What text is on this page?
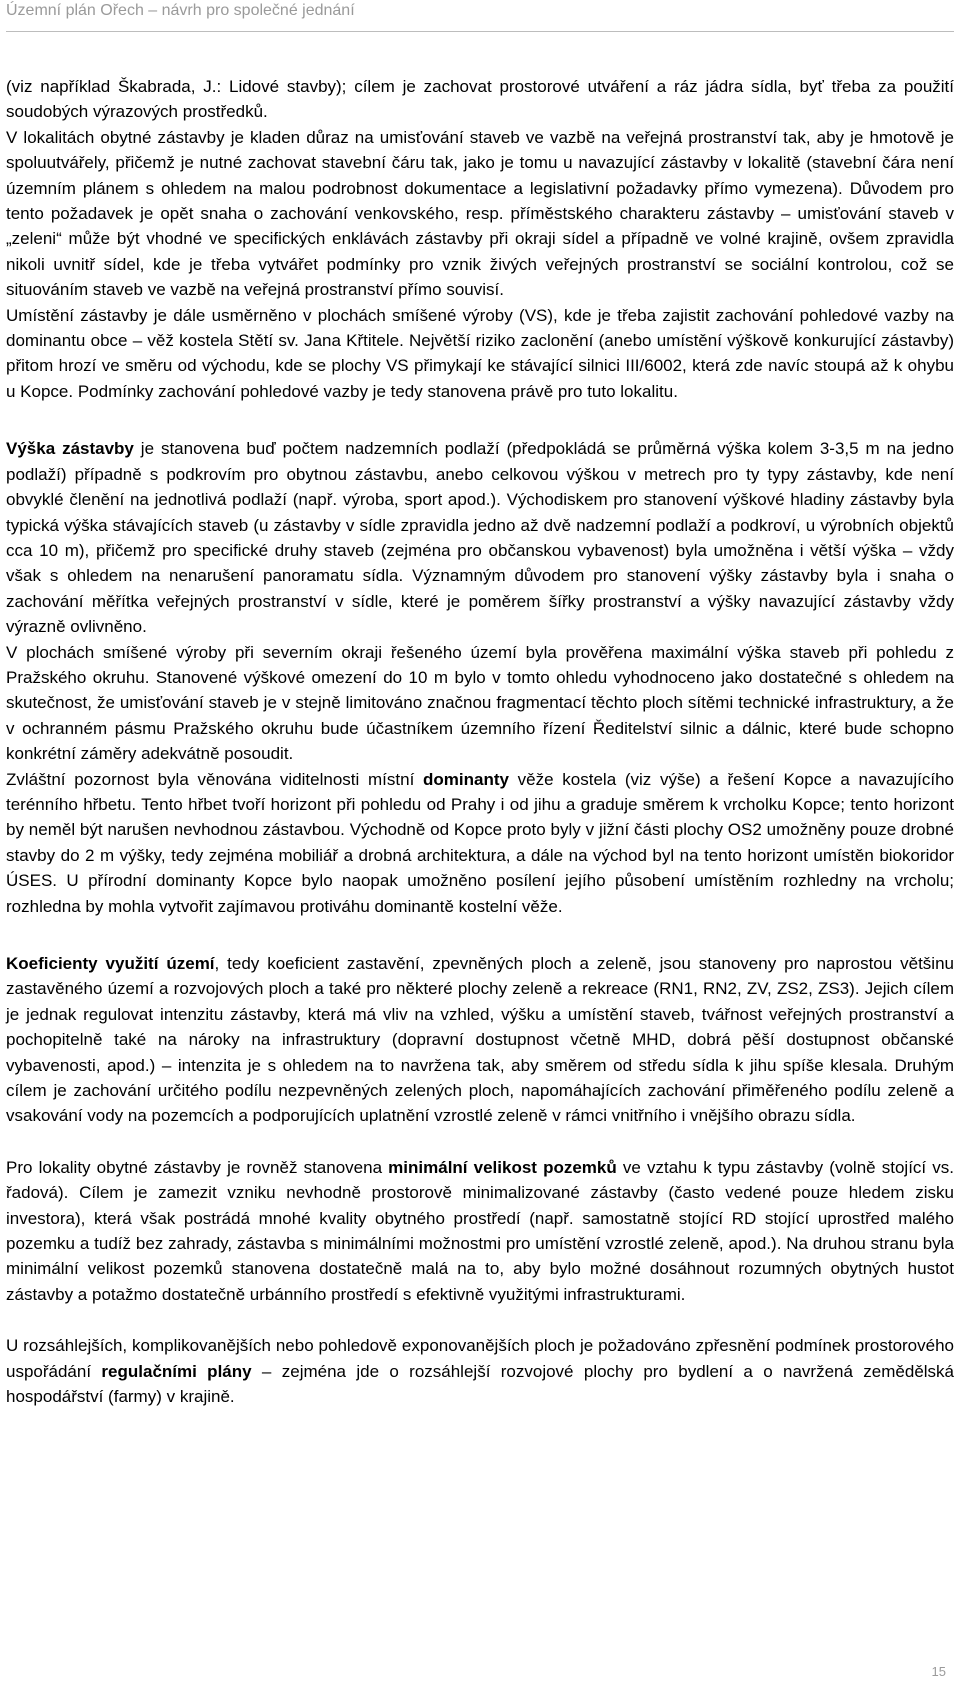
Územní plán Ořech – návrh pro společné jednání

(viz například Škabrada, J.: Lidové stavby); cílem je zachovat prostorové utváření a ráz jádra sídla, byť třeba za použití soudobých výrazových prostředků.

V lokalitách obytné zástavby je kladen důraz na umisťování staveb ve vazbě na veřejná prostranství tak, aby je hmotově je spoluutvářely, přičemž je nutné zachovat stavební čáru tak, jako je tomu u navazující zástavby v lokalitě (stavební čára není územním plánem s ohledem na malou podrobnost dokumentace a legislativní požadavky přímo vymezena). Důvodem pro tento požadavek je opět snaha o zachování venkovského, resp. příměstského charakteru zástavby – umisťování staveb v „zeleni“ může být vhodné ve specifických enklávách zástavby při okraji sídel a případně ve volné krajině, ovšem zpravidla nikoli uvnitř sídel, kde je třeba vytvářet podmínky pro vznik živých veřejných prostranství se sociální kontrolou, což se situováním staveb ve vazbě na veřejná prostranství přímo souvisí.

Umístění zástavby je dále usměrněno v plochách smíšené výroby (VS), kde je třeba zajistit zachování pohledové vazby na dominantu obce – věž kostela Stětí sv. Jana Křtitele. Největší riziko zaclonění (anebo umístění výškově konkurující zástavby) přitom hrozí ve směru od východu, kde se plochy VS přimykají ke stávající silnici III/6002, která zde navíc stoupá až k ohybu u Kopce. Podmínky zachování pohledové vazby je tedy stanovena právě pro tuto lokalitu.

Výška zástavby je stanovena buď počtem nadzemních podlaží (předpokládá se průměrná výška kolem 3-3,5 m na jedno podlaží) případně s podkrovím pro obytnou zástavbu, anebo celkovou výškou v metrech pro ty typy zástavby, kde není obvyklé členění na jednotlivá podlaží (např. výroba, sport apod.). Východiskem pro stanovení výškové hladiny zástavby byla typická výška stávajících staveb (u zástavby v sídle zpravidla jedno až dvě nadzemní podlaží a podkroví, u výrobních objektů cca 10 m), přičemž pro specifické druhy staveb (zejména pro občanskou vybavenost) byla umožněna i větší výška – vždy však s ohledem na nenarušení panoramatu sídla. Významným důvodem pro stanovení výšky zástavby byla i snaha o zachování měřítka veřejných prostranství v sídle, které je poměrem šířky prostranství a výšky navazující zástavby vždy výrazně ovlivněno.

V plochách smíšené výroby při severním okraji řešeného území byla prověřena maximální výška staveb při pohledu z Pražského okruhu. Stanovené výškové omezení do 10 m bylo v tomto ohledu vyhodnoceno jako dostatečné s ohledem na skutečnost, že umisťování staveb je v stejně limitováno značnou fragmentací těchto ploch sítěmi technické infrastruktury, a že v ochranném pásmu Pražského okruhu bude účastníkem územního řízení Ředitelství silnic a dálnic, které bude schopno konkrétní záměry adekvátně posoudit.

Zvláštní pozornost byla věnována viditelnosti místní dominanty věže kostela (viz výše) a řešení Kopce a navazujícího terénního hřbetu. Tento hřbet tvoří horizont při pohledu od Prahy i od jihu a graduje směrem k vrcholku Kopce; tento horizont by neměl být narušen nevhodnou zástavbou. Východně od Kopce proto byly v jižní části plochy OS2 umožněny pouze drobné stavby do 2 m výšky, tedy zejména mobiliář a drobná architektura, a dále na východ byl na tento horizont umístěn biokoridor ÚSES. U přírodní dominanty Kopce bylo naopak umožněno posílení jejího působení umístěním rozhledny na vrcholu; rozhledna by mohla vytvořit zajímavou protiváhu dominantě kostelní věže.

Koeficienty využití území, tedy koeficient zastavění, zpevněných ploch a zeleně, jsou stanoveny pro naprostou většinu zastavěného území a rozvojových ploch a také pro některé plochy zeleně a rekreace (RN1, RN2, ZV, ZS2, ZS3). Jejich cílem je jednak regulovat intenzitu zástavby, která má vliv na vzhled, výšku a umístění staveb, tvářnost veřejných prostranství a pochopitelně také na nároky na infrastruktury (dopravní dostupnost včetně MHD, dobrá pěší dostupnost občanské vybavenosti, apod.) – intenzita je s ohledem na to navržena tak, aby směrem od středu sídla k jihu spíše klesala. Druhým cílem je zachování určitého podílu nezpevněných zelených ploch, napomáhajících zachování přiměřeného podílu zeleně a vsakování vody na pozemcích a podporujících uplatnění vzrostlé zeleně v rámci vnitřního i vnějšího obrazu sídla.

Pro lokality obytné zástavby je rovněž stanovena minimální velikost pozemků ve vztahu k typu zástavby (volně stojící vs. řadová). Cílem je zamezit vzniku nevhodně prostorově minimalizované zástavby (často vedené pouze hledem zisku investora), která však postrádá mnohé kvality obytného prostředí (např. samostatně stojící RD stojící uprostřed malého pozemku a tudíž bez zahrady, zástavba s minimálními možnostmi pro umístění vzrostlé zeleně, apod.). Na druhou stranu byla minimální velikost pozemků stanovena dostatečně malá na to, aby bylo možné dosáhnout rozumných obytných hustot zástavby a potažmo dostatečně urbánního prostředí s efektivně využitými infrastrukturami.

U rozsáhlejších, komplikovanějších nebo pohledově exponovanějších ploch je požadováno zpřesnění podmínek prostorového uspořádání regulačními plány – zejména jde o rozsáhlejší rozvojové plochy pro bydlení a o navržená zemědělská hospodářství (farmy) v krajině.

15
